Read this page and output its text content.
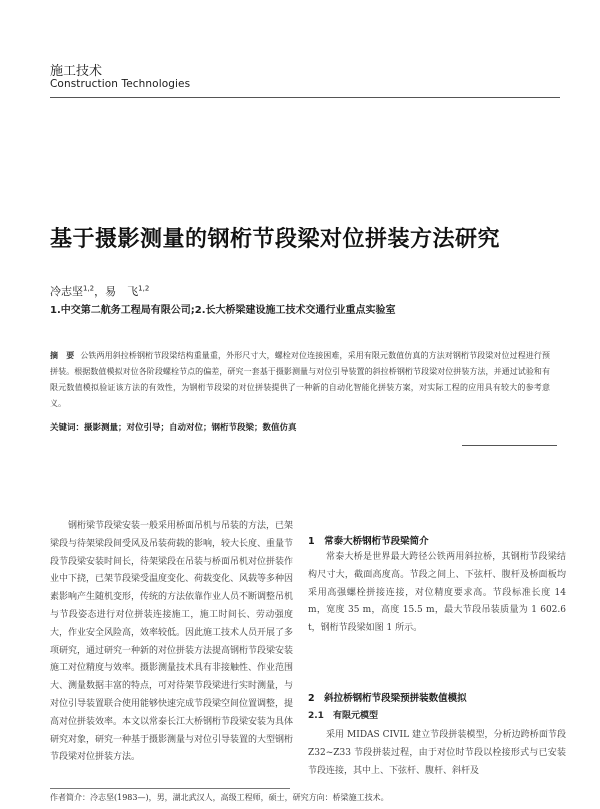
施工技术
Construction Technologies
基于摄影测量的钢桁节段梁对位拼装方法研究
冷志坚$^{1,2}$，易　飞$^{1,2}$
1.中交第二航务工程局有限公司;2.长大桥梁建设施工技术交通行业重点实验室
摘　要 公铁两用斜拉桥钢桁节段梁结构重量重，外形尺寸大，螺栓对位连接困难，采用有限元数值仿真的方法对钢桁节段梁对位过程进行预拼装。根据数值模拟对位各阶段螺栓节点的偏差，研究一套基于摄影测量与对位引导装置的斜拉桥钢桁节段梁对位拼装方法，并通过试验和有限元数值模拟验证该方法的有效性，为钢桁节段梁的对位拼装提供了一种新的自动化智能化拼装方案，对实际工程的应用具有较大的参考意义。
关键词：摄影测量；对位引导；自动对位；钢桁节段梁；数值仿真
钢桁梁节段梁安装一般采用桥面吊机与吊装的方法，已架梁段与待架梁段间受风及吊装荷载的影响，较大长度、重量节段节段梁安装时间长，待架梁段在吊装与桥面吊机对位拼装作业中下挠，已架节段梁受温度变化、荷载变化、风载等多种因素影响产生随机变形，传统的方法依靠作业人员不断调整吊机与节段姿态进行对位拼装连接施工，施工时间长、劳动强度大，作业安全风险高，效率较低。因此施工技术人员开展了多项研究，通过研究一种新的对位拼装方法提高钢桁节段梁安装施工对位精度与效率。摄影测量技术具有非接触性、作业范围大、测量数据丰富的特点，可对待架节段梁进行实时测量，与对位引导装置联合使用能够快速完成节段梁空间位置调整，提高对位拼装效率。本文以常泰长江大桥钢桁节段梁安装为具体研究对象，研究一种基于摄影测量与对位引导装置的大型钢桁节段梁对位拼装方法。
1　常泰大桥钢桁节段梁简介
常泰大桥是世界最大跨径公铁两用斜拉桥，其钢桁节段梁结构尺寸大，截面高度高。节段之间上、下弦杆、腹杆及桥面板均采用高强螺栓拼接连接，对位精度要求高。节段标准长度 14 m，宽度 35 m，高度 15.5 m，最大节段吊装质量为 1 602.6 t，钢桁节段梁如图 1 所示。
2　斜拉桥钢桁节段梁预拼装数值模拟
2.1　有限元模型
采用 MIDAS CIVIL 建立节段拼装模型，分析边跨桥面节段 Z32~Z33 节段拼装过程，由于对位时节段以栓接形式与已安装节段连接，其中上、下弦杆、腹杆、斜杆及
作者简介：冷志坚(1983—)，男，湖北武汉人，高级工程师，硕士，研究方向：桥梁施工技术。
